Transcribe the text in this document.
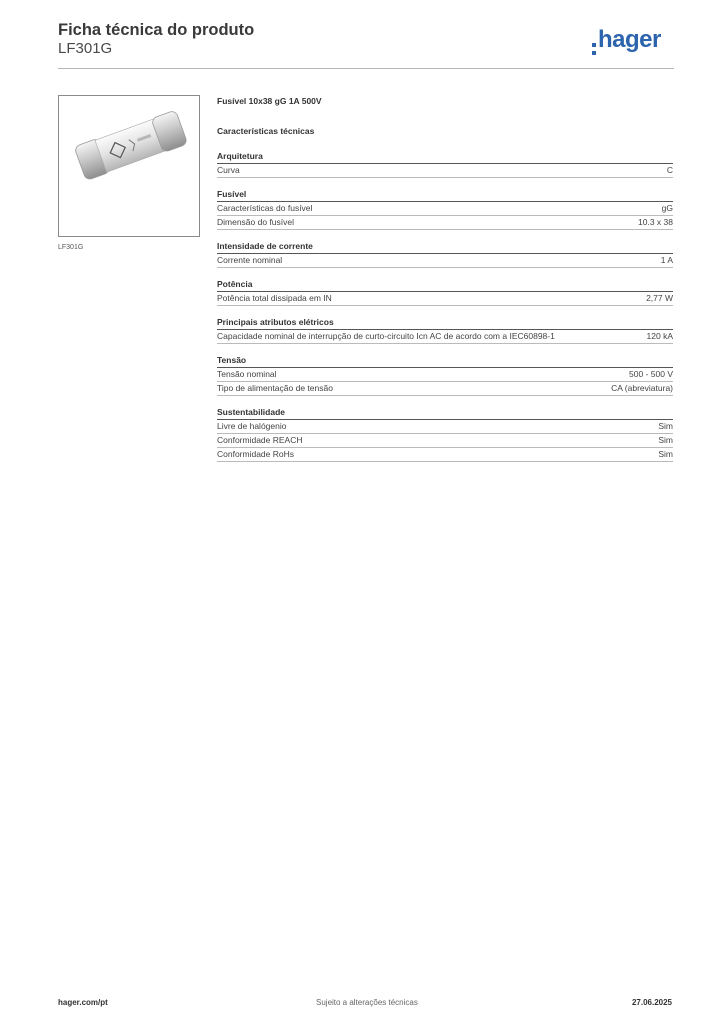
Ficha técnica do produto
LF301G	hager
LF301G
Fusível 10x38 gG 1A 500V
Características técnicas
Arquitetura
Curva	C
Fusível
Características do fusível	gG
Dimensão do fusível	10.3 x 38
Intensidade de corrente
Corrente nominal	1 A
Potência
Potência total dissipada em IN	2,77 W
Principais atributos elétricos
Capacidade nominal de interrupção de curto-circuito Icn AC de acordo com a IEC60898-1	120 kA
Tensão
Tensão nominal	500 - 500 V
Tipo de alimentação de tensão	CA (abreviatura)
Sustentabilidade
Livre de halógenio	Sim
Conformidade REACH	Sim
Conformidade RoHs	Sim
hager.com/pt	Sujeito a alterações técnicas	27.06.2025
